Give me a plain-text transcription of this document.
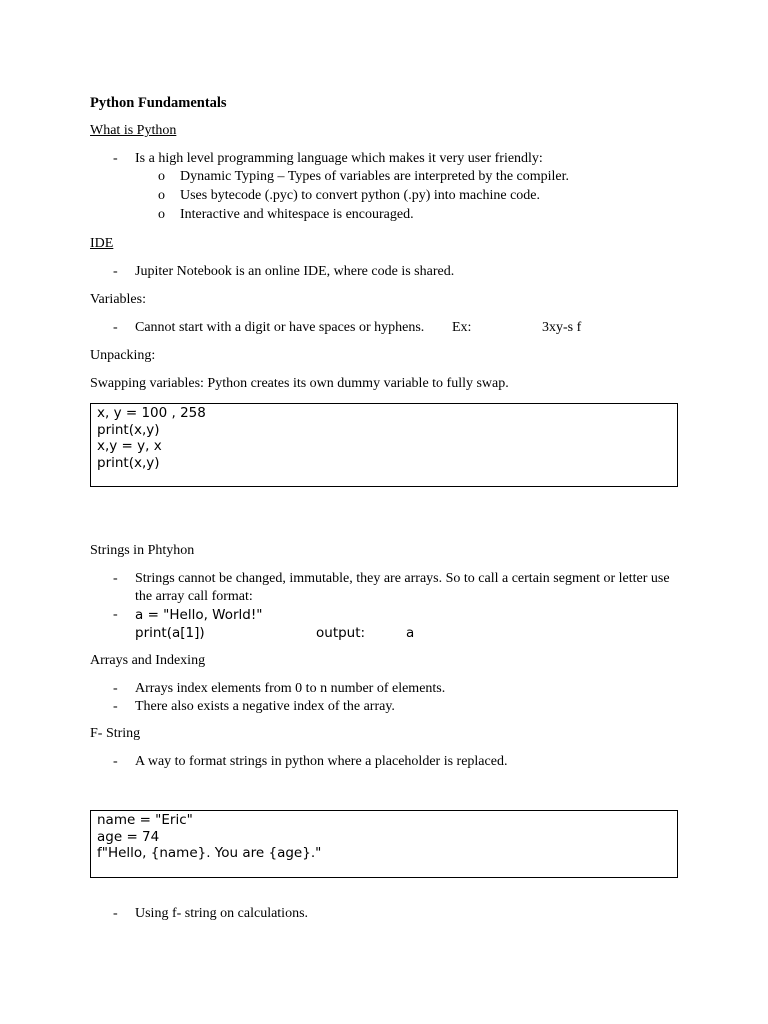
Python Fundamentals
What is Python
- Is a high level programming language which makes it very user friendly:
o Dynamic Typing – Types of variables are interpreted by the compiler.
o Uses bytecode (.pyc) to convert python (.py) into machine code.
o Interactive and whitespace is encouraged.
IDE
- Jupiter Notebook is an online IDE, where code is shared.
Variables:
- Cannot start with a digit or have spaces or hyphens. Ex:	3xy-s f
Unpacking:
Swapping variables: Python creates its own dummy variable to fully swap.
x, y = 100 , 258
print(x,y)
x,y = y, x
print(x,y)
Strings in Phtyhon
- Strings cannot be changed, immutable, they are arrays. So to call a certain segment or letter use the array call format:
- a = "Hello, World!"
print(a[1])	output:	a
Arrays and Indexing
- Arrays index elements from 0 to n number of elements.
- There also exists a negative index of the array.
F- String
- A way to format strings in python where a placeholder is replaced.
name = "Eric"
age = 74
f"Hello, {name}. You are {age}."
- Using f- string on calculations.
